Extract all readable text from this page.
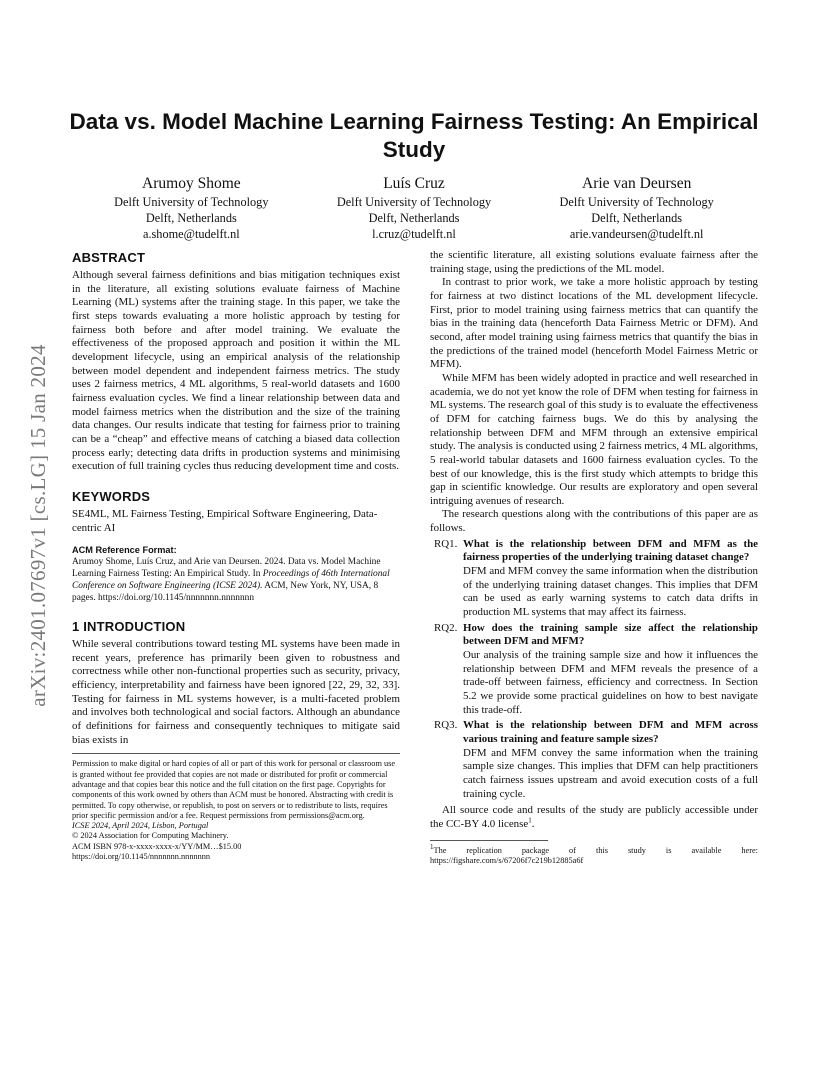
arXiv:2401.07697v1 [cs.LG] 15 Jan 2024
Data vs. Model Machine Learning Fairness Testing: An Empirical Study
Arumoy Shome
Delft University of Technology
Delft, Netherlands
a.shome@tudelft.nl
Luís Cruz
Delft University of Technology
Delft, Netherlands
l.cruz@tudelft.nl
Arie van Deursen
Delft University of Technology
Delft, Netherlands
arie.vandeursen@tudelft.nl
ABSTRACT

Although several fairness definitions and bias mitigation techniques exist in the literature, all existing solutions evaluate fairness of Machine Learning (ML) systems after the training stage. In this paper, we take the first steps towards evaluating a more holistic approach by testing for fairness both before and after model training. We evaluate the effectiveness of the proposed approach and position it within the ML development lifecycle, using an empirical analysis of the relationship between model dependent and independent fairness metrics. The study uses 2 fairness metrics, 4 ML algorithms, 5 real-world datasets and 1600 fairness evaluation cycles. We find a linear relationship between data and model fairness metrics when the distribution and the size of the training data changes. Our results indicate that testing for fairness prior to training can be a “cheap” and effective means of catching a biased data collection process early; detecting data drifts in production systems and minimising execution of full training cycles thus reducing development time and costs.

KEYWORDS

SE4ML, ML Fairness Testing, Empirical Software Engineering, Data-centric AI

ACM Reference Format:
Arumoy Shome, Luís Cruz, and Arie van Deursen. 2024. Data vs. Model Machine Learning Fairness Testing: An Empirical Study. In Proceedings of 46th International Conference on Software Engineering (ICSE 2024). ACM, New York, NY, USA, 8 pages. https://doi.org/10.1145/nnnnnnn.nnnnnnn
1 INTRODUCTION

While several contributions toward testing ML systems have been made in recent years, preference has primarily been given to robustness and correctness while other non-functional properties such as security, privacy, efficiency, interpretability and fairness have been ignored [22, 29, 32, 33]. Testing for fairness in ML systems however, is a multi-faceted problem and involves both technological and social factors. Although an abundance of definitions for fairness and consequently techniques to mitigate said bias exists in

Permission to make digital or hard copies of all or part of this work for personal or classroom use is granted without fee provided that copies are not made or distributed for profit or commercial advantage and that copies bear this notice and the full citation on the first page. Copyrights for components of this work owned by others than ACM must be honored. Abstracting with credit is permitted. To copy otherwise, or republish, to post on servers or to redistribute to lists, requires prior specific permission and/or a fee. Request permissions from permissions@acm.org.
ICSE 2024, April 2024, Lisbon, Portugal
© 2024 Association for Computing Machinery.
ACM ISBN 978-x-xxxx-xxxx-x/YY/MM…$15.00
https://doi.org/10.1145/nnnnnnn.nnnnnnn

the scientific literature, all existing solutions evaluate fairness after the training stage, using the predictions of the ML model.

In contrast to prior work, we take a more holistic approach by testing for fairness at two distinct locations of the ML development lifecycle. First, prior to model training using fairness metrics that can quantify the bias in the training data (henceforth Data Fairness Metric or DFM). And second, after model training using fairness metrics that quantify the bias in the predictions of the trained model (henceforth Model Fairness Metric or MFM).

While MFM has been widely adopted in practice and well researched in academia, we do not yet know the role of DFM when testing for fairness in ML systems. The research goal of this study is to evaluate the effectiveness of DFM for catching fairness bugs. We do this by analysing the relationship between DFM and MFM through an extensive empirical study. The analysis is conducted using 2 fairness metrics, 4 ML algorithms, 5 real-world tabular datasets and 1600 fairness evaluation cycles. To the best of our knowledge, this is the first study which attempts to bridge this gap in scientific knowledge. Our results are exploratory and open several intriguing avenues of research.

The research questions along with the contributions of this paper are as follows.

RQ1. What is the relationship between DFM and MFM as the fairness properties of the underlying training dataset change?
DFM and MFM convey the same information when the distribution of the underlying training dataset changes. This implies that DFM can be used as early warning systems to catch data drifts in production ML systems that may affect its fairness.
RQ2. How does the training sample size affect the relationship between DFM and MFM?
Our analysis of the training sample size and how it influences the relationship between DFM and MFM reveals the presence of a trade-off between fairness, efficiency and correctness. In Section 5.2 we provide some practical guidelines on how to best navigate this trade-off.
RQ3. What is the relationship between DFM and MFM across various training and feature sample sizes?
DFM and MFM convey the same information when the training sample size changes. This implies that DFM can help practitioners catch fairness issues upstream and avoid execution costs of a full training cycle.

All source code and results of the study are publicly accessible under the CC-BY 4.0 license$^1$.

$^1$The replication package of this study is available here: https://figshare.com/s/67206f7c219b12885a6f
